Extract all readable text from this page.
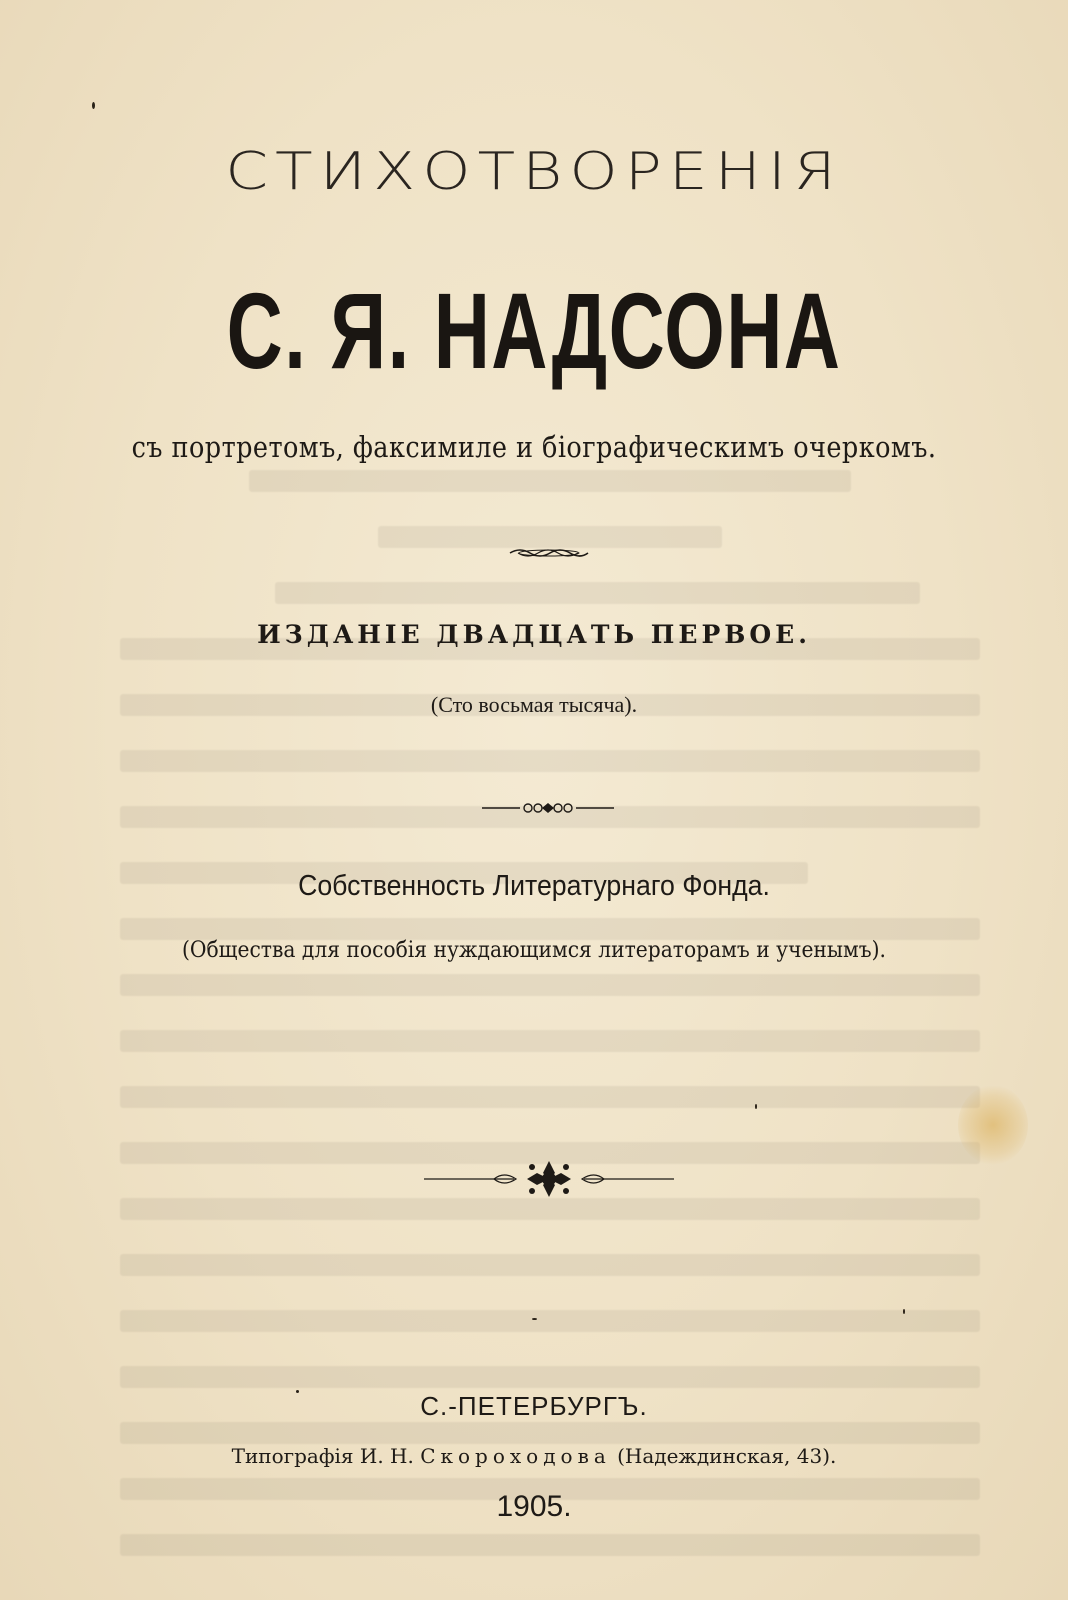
СТИХОТВОРЕНІЯ
С. Я. НАДСОНА
съ портретомъ, факсимиле и біографическимъ очеркомъ.
ИЗДАНІЕ ДВАДЦАТЬ ПЕРВОЕ.
(Сто восьмая тысяча).
Собственность Литературнаго Фонда.
(Общества для пособія нуждающимся литераторамъ и ученымъ).
С.-ПЕТЕРБУРГЪ.
Типографія И. Н. Скороходова (Надеждинская, 43).
1905.
